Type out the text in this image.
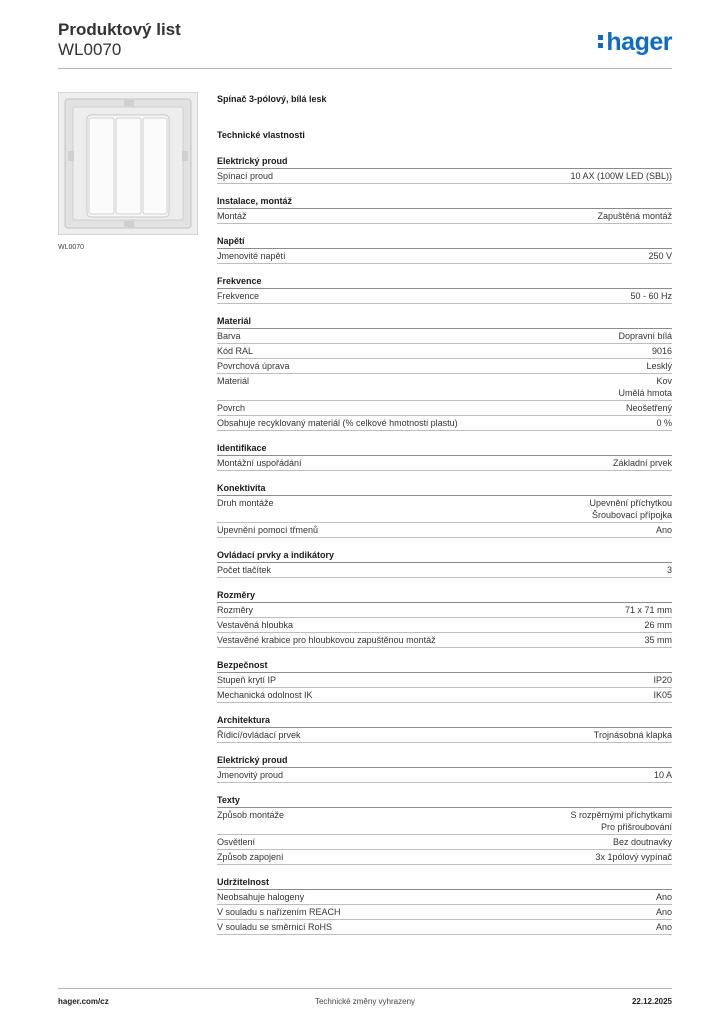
Produktový list
WL0070	hager
WL0070
Spínač 3-pólový, bílá lesk
Technické vlastnosti
Elektrický proud
Spínací proud	10 AX (100W LED (SBL))
Instalace, montáž
Montáž	Zapuštěná montáž
Napětí
Jmenovité napětí	250 V
Frekvence
Frekvence	50 - 60 Hz
Materiál
Barva	Dopravní bílá
Kód RAL	9016
Povrchová úprava	Lesklý
Materiál	Kov
Umělá hmota
Povrch	Neošetřený
Obsahuje recyklovaný materiál (% celkové hmotnosti plastu)	0 %
Identifikace
Montážní uspořádání	Základní prvek
Konektivita
Druh montáže	Upevnění příchytkou
Šroubovací přípojka
Upevnění pomocí třmenů	Ano
Ovládací prvky a indikátory
Počet tlačítek	3
Rozměry
Rozměry	71 x 71 mm
Vestavěná hloubka	26 mm
Vestavěné krabice pro hloubkovou zapuštěnou montáž	35 mm
Bezpečnost
Stupeň krytí IP	IP20
Mechanická odolnost IK	IK05
Architektura
Řídicí/ovládací prvek	Trojnásobná klapka
Elektrický proud
Jmenovitý proud	10 A
Texty
Způsob montáže	S rozpěrnými příchytkami
Pro přišroubování
Osvětlení	Bez doutnavky
Způsob zapojení	3x 1pólový vypínač
Udržitelnost
Neobsahuje halogeny	Ano
V souladu s nařízením REACH	Ano
V souladu se směrnicí RoHS	Ano
hager.com/cz	Technické změny vyhrazeny	22.12.2025
